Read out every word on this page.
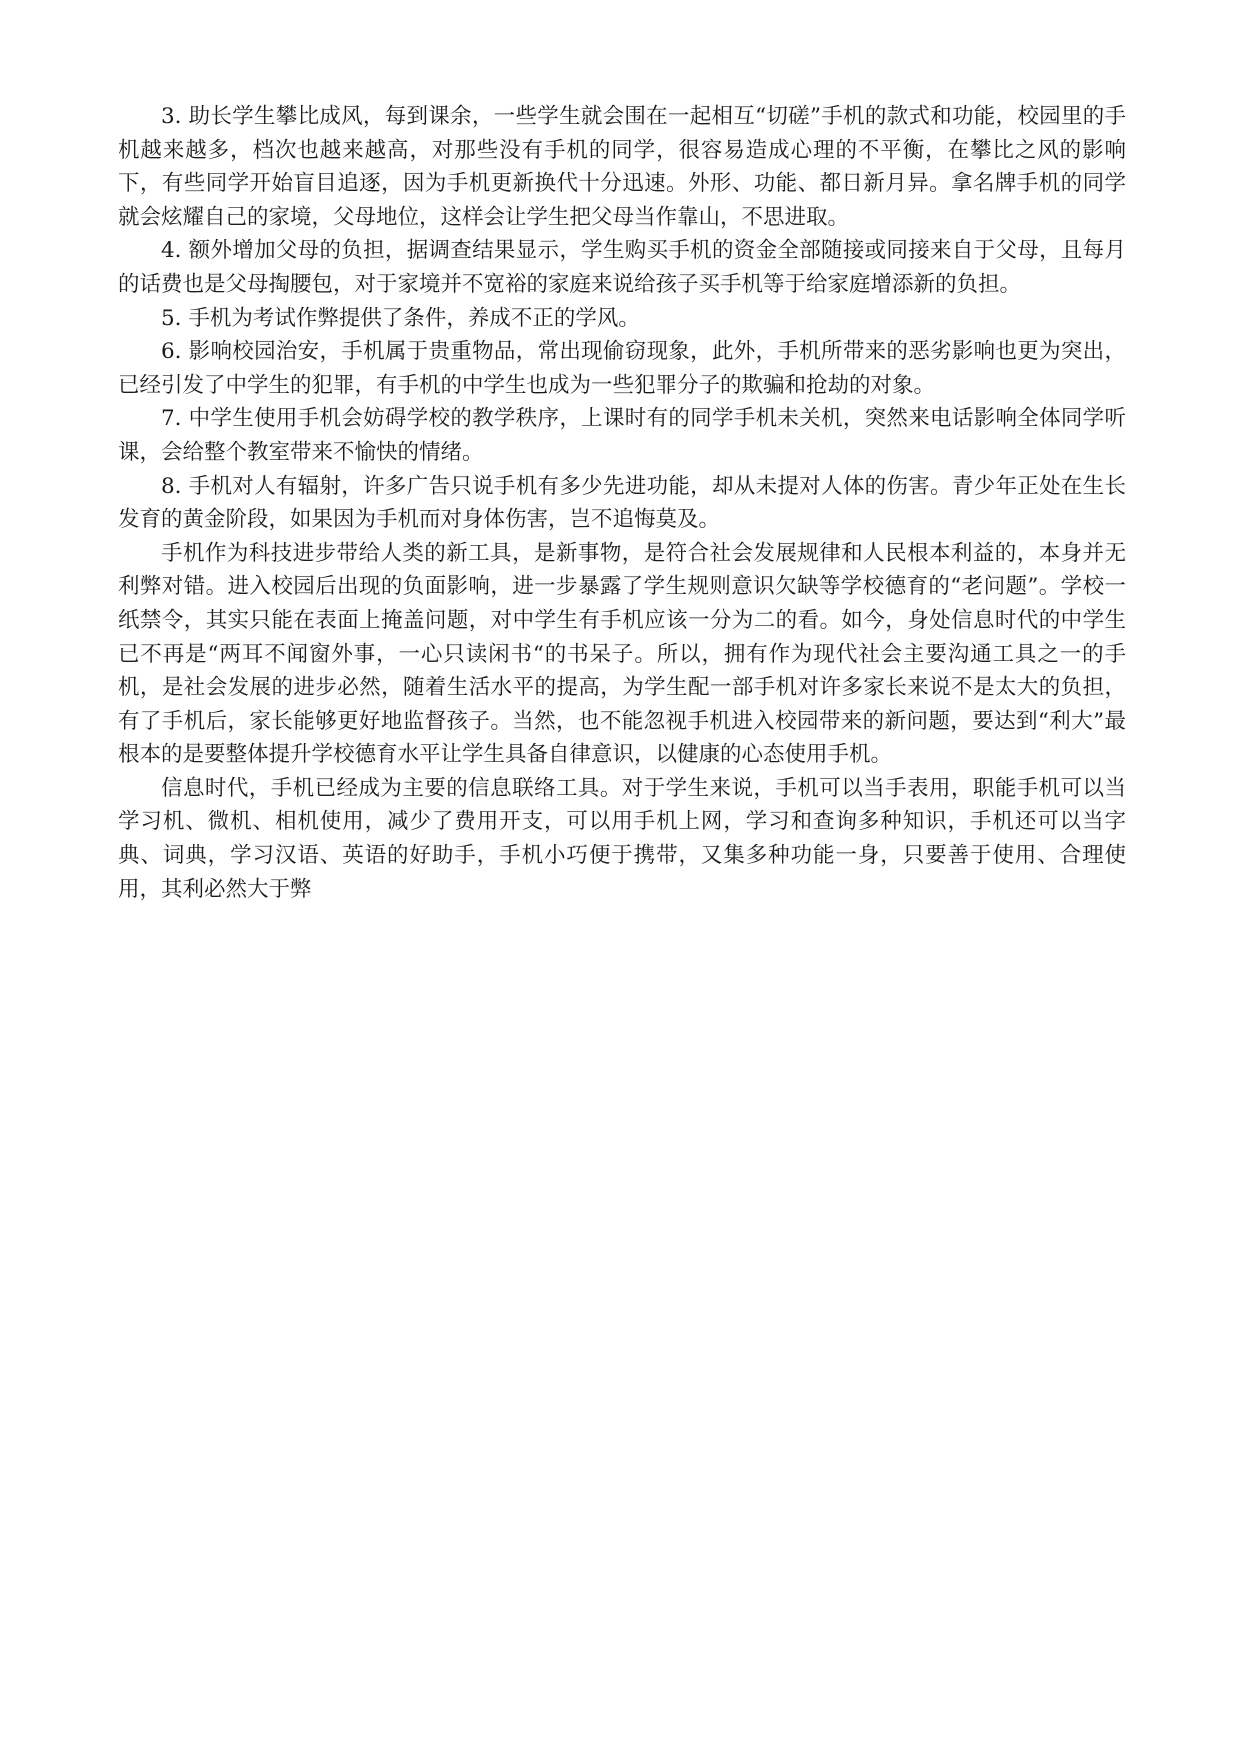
3. 助长学生攀比成风，每到课余，一些学生就会围在一起相互“切磋”手机的款式和功能，校园里的手机越来越多，档次也越来越高，对那些没有手机的同学，很容易造成心理的不平衡，在攀比之风的影响下，有些同学开始盲目追逐，因为手机更新换代十分迅速。外形、功能、都日新月异。拿名牌手机的同学就会炫耀自己的家境，父母地位，这样会让学生把父母当作靠山，不思进取。

4. 额外增加父母的负担，据调查结果显示，学生购买手机的资金全部随接或同接来自于父母，且每月的话费也是父母掏腰包，对于家境并不宽裕的家庭来说给孩子买手机等于给家庭增添新的负担。

5. 手机为考试作弊提供了条件，养成不正的学风。

6. 影响校园治安，手机属于贵重物品，常出现偷窃现象，此外，手机所带来的恶劣影响也更为突出，已经引发了中学生的犯罪，有手机的中学生也成为一些犯罪分子的欺骗和抢劫的对象。

7. 中学生使用手机会妨碍学校的教学秩序，上课时有的同学手机未关机，突然来电话影响全体同学听课，会给整个教室带来不愉快的情绪。

8. 手机对人有辐射，许多广告只说手机有多少先进功能，却从未提对人体的伤害。青少年正处在生长发育的黄金阶段，如果因为手机而对身体伤害，岂不追悔莫及。

手机作为科技进步带给人类的新工具，是新事物，是符合社会发展规律和人民根本利益的，本身并无利弊对错。进入校园后出现的负面影响，进一步暴露了学生规则意识欠缺等学校德育的“老问题”。学校一纸禁令，其实只能在表面上掩盖问题，对中学生有手机应该一分为二的看。如今，身处信息时代的中学生已不再是“两耳不闻窗外事，一心只读闲书“的书呆子。所以，拥有作为现代社会主要沟通工具之一的手机，是社会发展的进步必然，随着生活水平的提高，为学生配一部手机对许多家长来说不是太大的负担，有了手机后，家长能够更好地监督孩子。当然，也不能忽视手机进入校园带来的新问题，要达到“利大”最根本的是要整体提升学校德育水平让学生具备自律意识，以健康的心态使用手机。

信息时代，手机已经成为主要的信息联络工具。对于学生来说，手机可以当手表用，职能手机可以当学习机、微机、相机使用，减少了费用开支，可以用手机上网，学习和查询多种知识，手机还可以当字典、词典，学习汉语、英语的好助手，手机小巧便于携带，又集多种功能一身，只要善于使用、合理使用，其利必然大于弊
